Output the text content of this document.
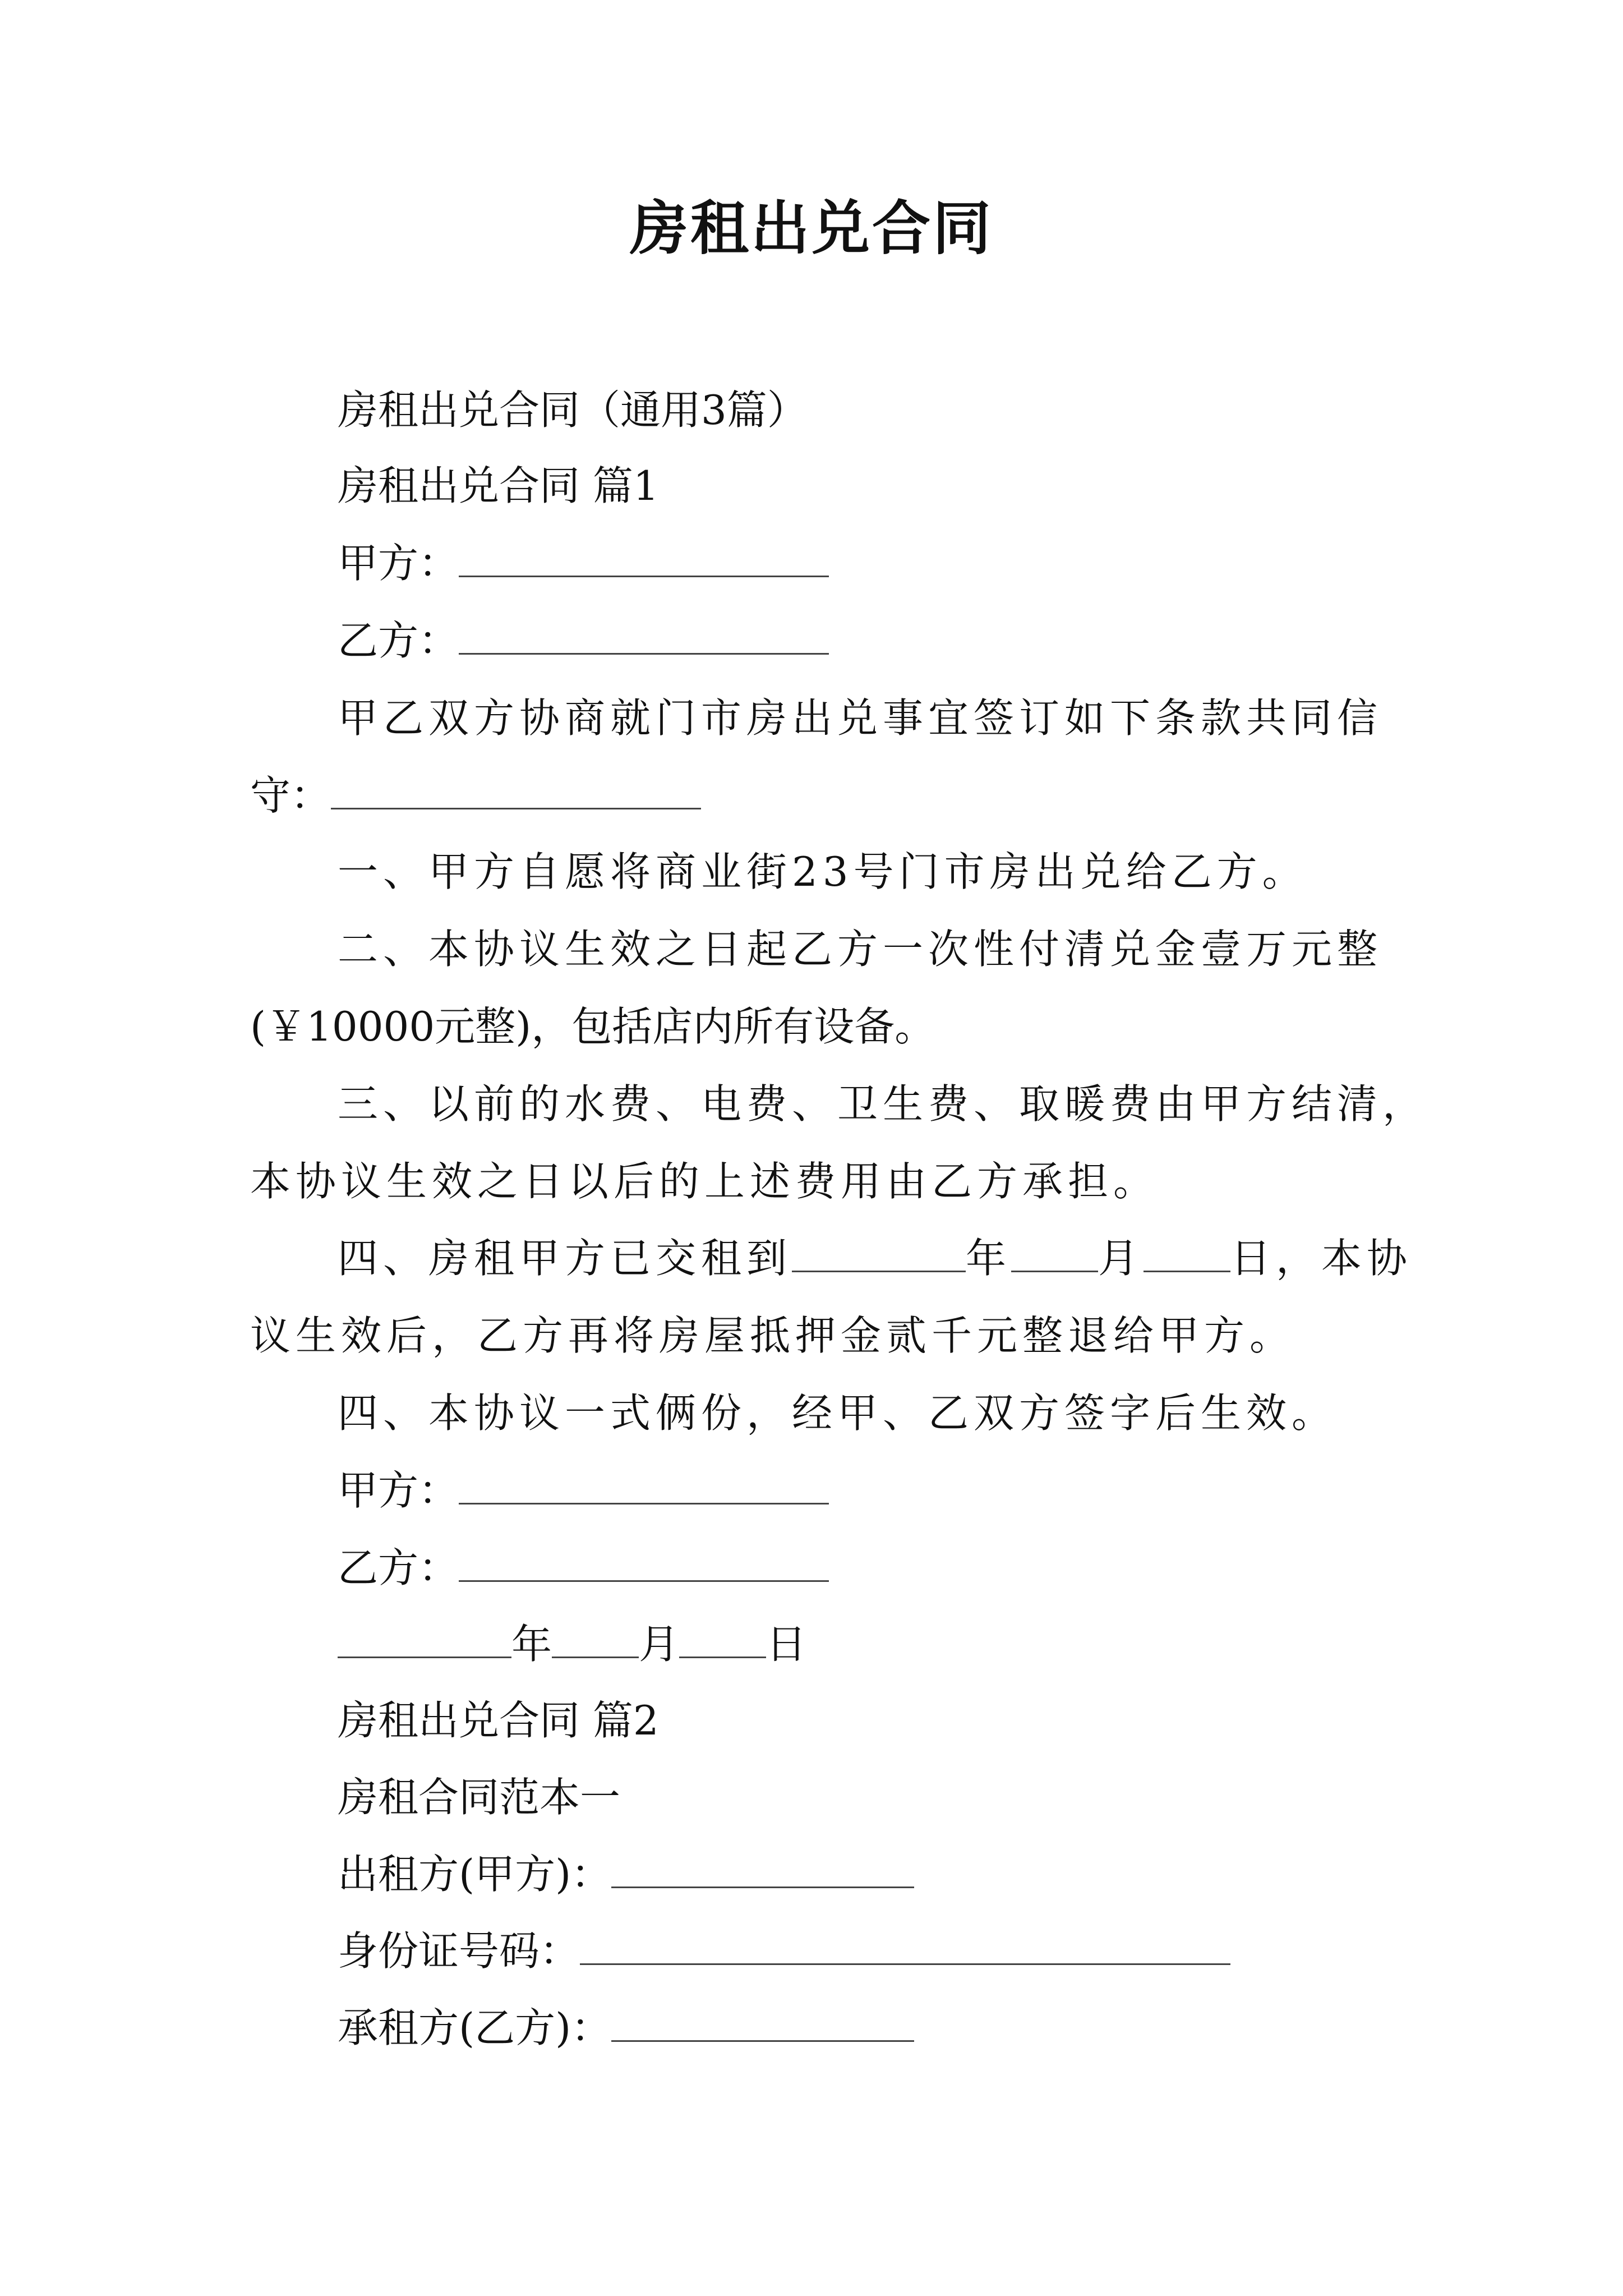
房租出兑合同
房租出兑合同（通用3篇）
房租出兑合同 篇1
甲方：
乙方：
甲乙双方协商就门市房出兑事宜签订如下条款共同信
守：
一、甲方自愿将商业街23号门市房出兑给乙方。
二、本协议生效之日起乙方一次性付清兑金壹万元整
(￥10000元整)，包括店内所有设备。
三、以前的水费、电费、卫生费、取暖费由甲方结清，
本协议生效之日以后的上述费用由乙方承担。
四、房租甲方已交租到	年 月 日，本协
议生效后，乙方再将房屋抵押金贰千元整退给甲方。
四、本协议一式俩份，经甲、乙双方签字后生效。
甲方：
乙方：
年 月 日
房租出兑合同 篇2
房租合同范本一
出租方(甲方)：
身份证号码：
承租方(乙方)：
